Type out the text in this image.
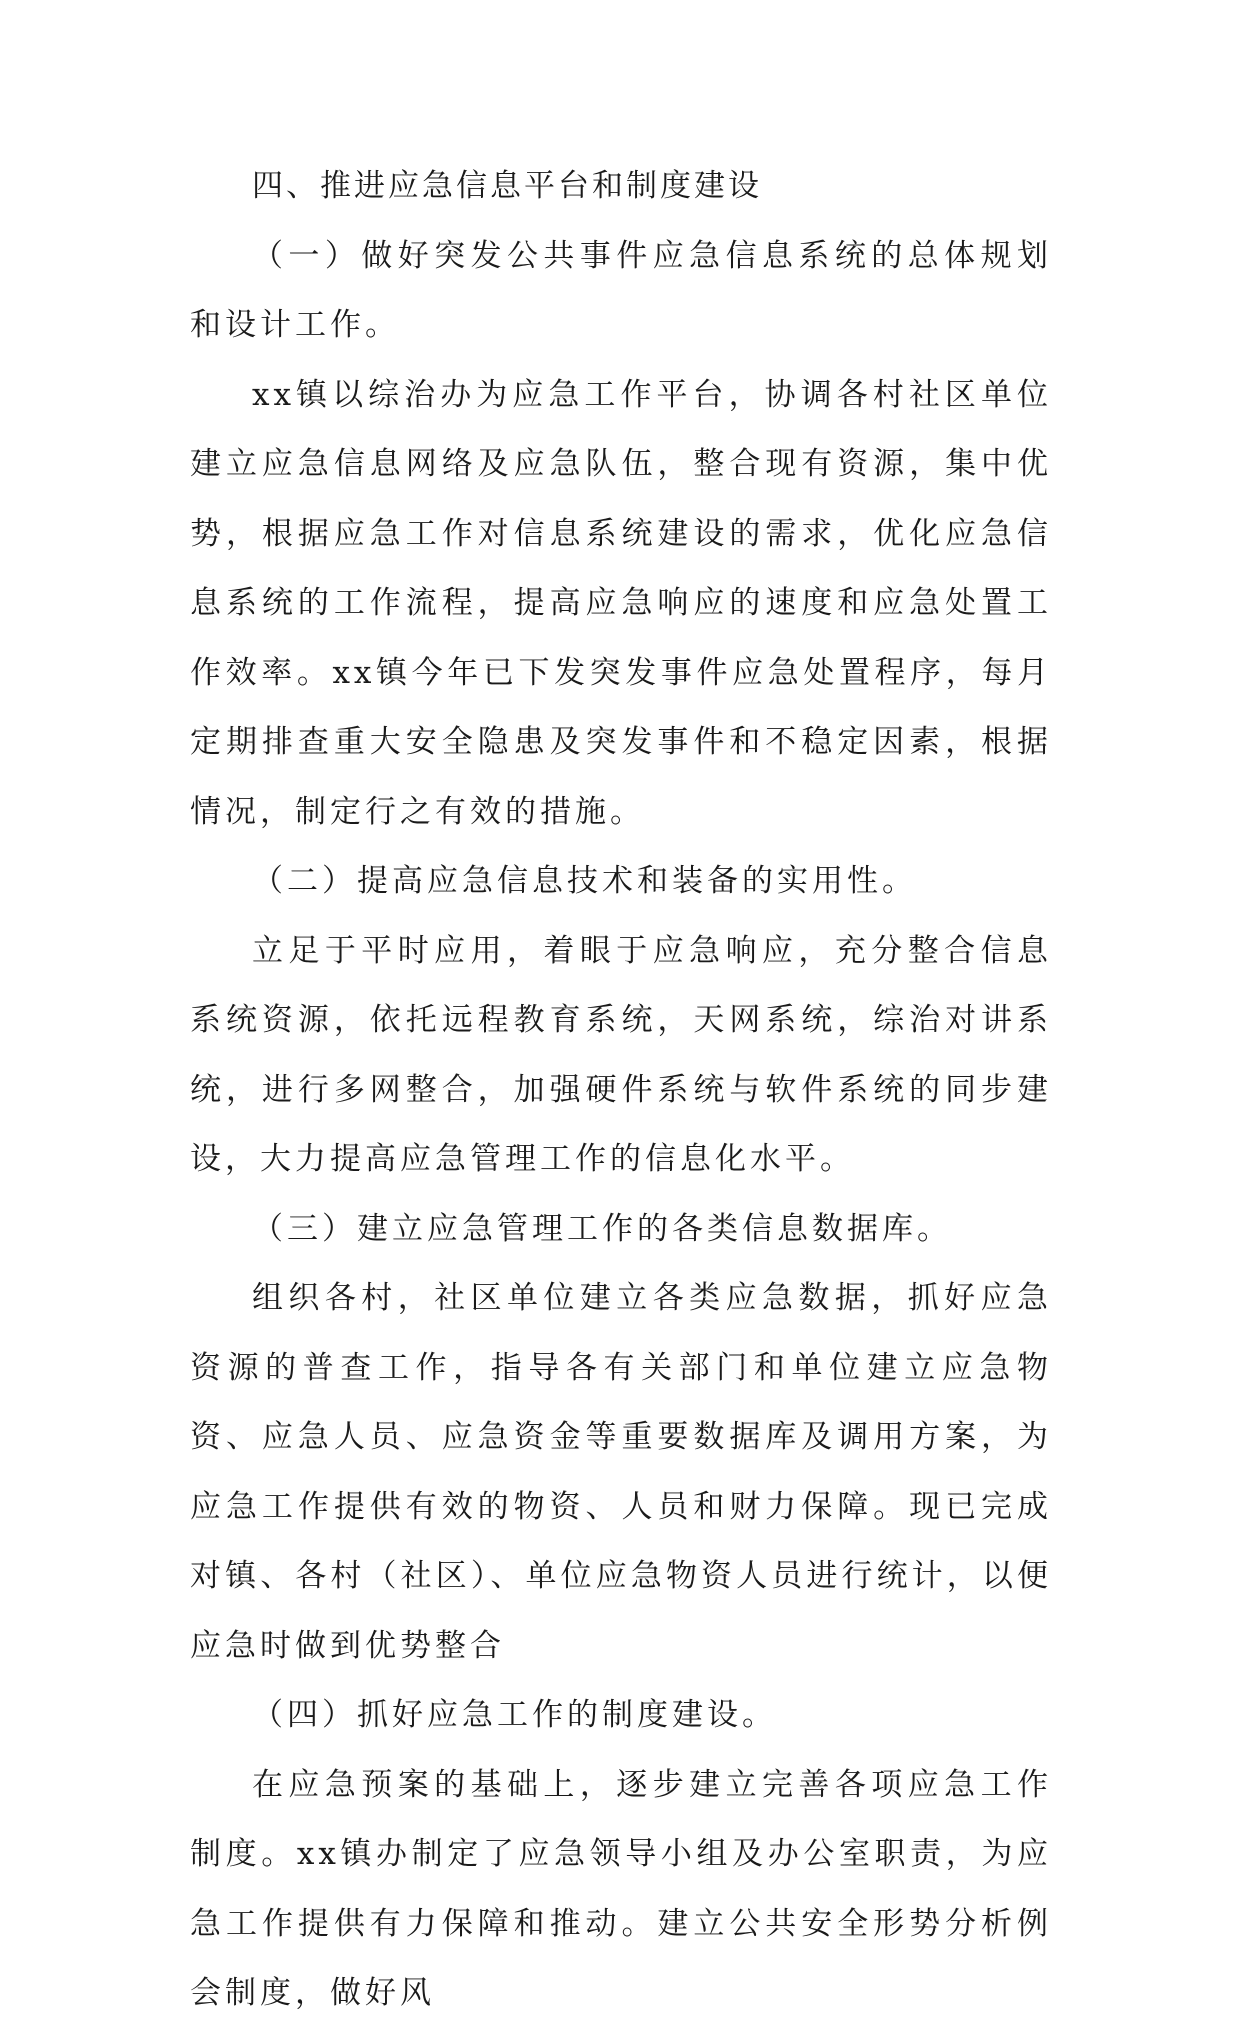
四、推进应急信息平台和制度建设

（一）做好突发公共事件应急信息系统的总体规划和设计工作。

xx镇以综治办为应急工作平台，协调各村社区单位建立应急信息网络及应急队伍，整合现有资源，集中优势，根据应急工作对信息系统建设的需求，优化应急信息系统的工作流程，提高应急响应的速度和应急处置工作效率。xx镇今年已下发突发事件应急处置程序，每月定期排查重大安全隐患及突发事件和不稳定因素，根据情况，制定行之有效的措施。

（二）提高应急信息技术和装备的实用性。

立足于平时应用，着眼于应急响应，充分整合信息系统资源，依托远程教育系统，天网系统，综治对讲系统，进行多网整合，加强硬件系统与软件系统的同步建设，大力提高应急管理工作的信息化水平。

（三）建立应急管理工作的各类信息数据库。

组织各村，社区单位建立各类应急数据，抓好应急资源的普查工作，指导各有关部门和单位建立应急物资、应急人员、应急资金等重要数据库及调用方案，为应急工作提供有效的物资、人员和财力保障。现已完成对镇、各村（社区）、单位应急物资人员进行统计，以便应急时做到优势整合

（四）抓好应急工作的制度建设。

在应急预案的基础上，逐步建立完善各项应急工作制度。xx镇办制定了应急领导小组及办公室职责，为应急工作提供有力保障和推动。建立公共安全形势分析例会制度，做好风
